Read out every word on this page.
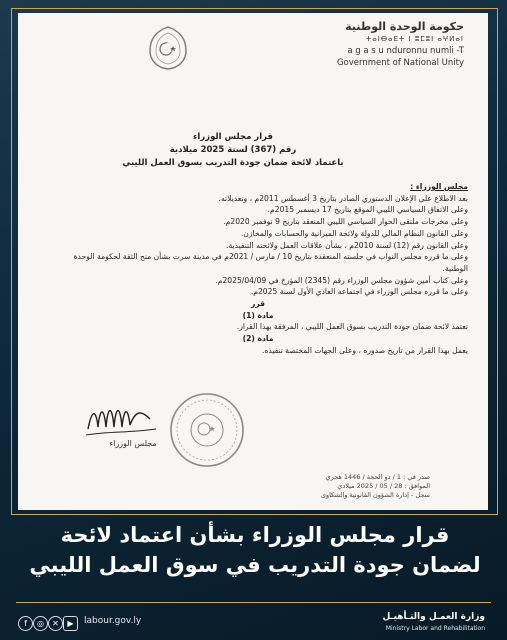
حكومة الوحدة الوطنية
ⵜⴰⵏⴱⴰⴹⵜ ⵏ ⵓⵎⵓⵏ ⴰⵖⵍⴰⵏ
a g a s u nduronnu numli -T
Government of National Unity
قرار مجلس الوزراء
رقم (367) لسنة 2025 ميلادية
باعتماد لائحة ضمان جودة التدريب بسوق العمل الليبي

مجلس الوزراء :

بعد الاطلاع على الإعلان الدستوري الصادر بتاريخ 3 أغسطس 2011م ، وتعديلاته.

وعلى الاتفاق السياسي الليبي الموقع بتاريخ 17 ديسمبر 2015م.

وعلى مخرجات ملتقى الحوار السياسي الليبي المنعقد بتاريخ 9 نوفمبر 2020م.

وعلى القانون النظام المالي للدولة ولائحة الميزانية والحسابات والمخازن.

وعلى القانون رقم (12) لسنة 2010م ، بشأن علاقات العمل ولائحته التنفيذية.

وعلى ما قرره مجلس النواب في جلسته المنعقدة بتاريخ 10 / مارس / 2021م في مدينة سرت بشأن منح الثقة لحكومة الوحدة الوطنية.

وعلى كتاب أمين شؤون مجلس الوزراء رقم (2345) المؤرخ في 2025/04/09م.

وعلى ما قرره مجلس الوزراء في اجتماعه العادي الأول لسنة 2025م.

قرر

مادة (1)

تعتمد لائحة ضمان جودة التدريب بسوق العمل الليبي ، المرفقة بهذا القرار.

مادة (2)

يعمل بهذا القرار من تاريخ صدوره ، وعلى الجهات المختصة تنفيذه.

مجلس الوزراء
صدر في : 1 / ذو الحجة / 1446 هجري
الموافق : 28 / 05 / 2025 ميلادي
سجل - إدارة الشؤون القانونية والشكاوى
قرار مجلس الوزراء بشأن اعتماد لائحة
لضمان جودة التدريب في سوق العمل الليبي
f	◎	✕	▶	labour.gov.ly	وزارة العمـل والتـأهيـل
Ministry Labor and Rehabilitation
